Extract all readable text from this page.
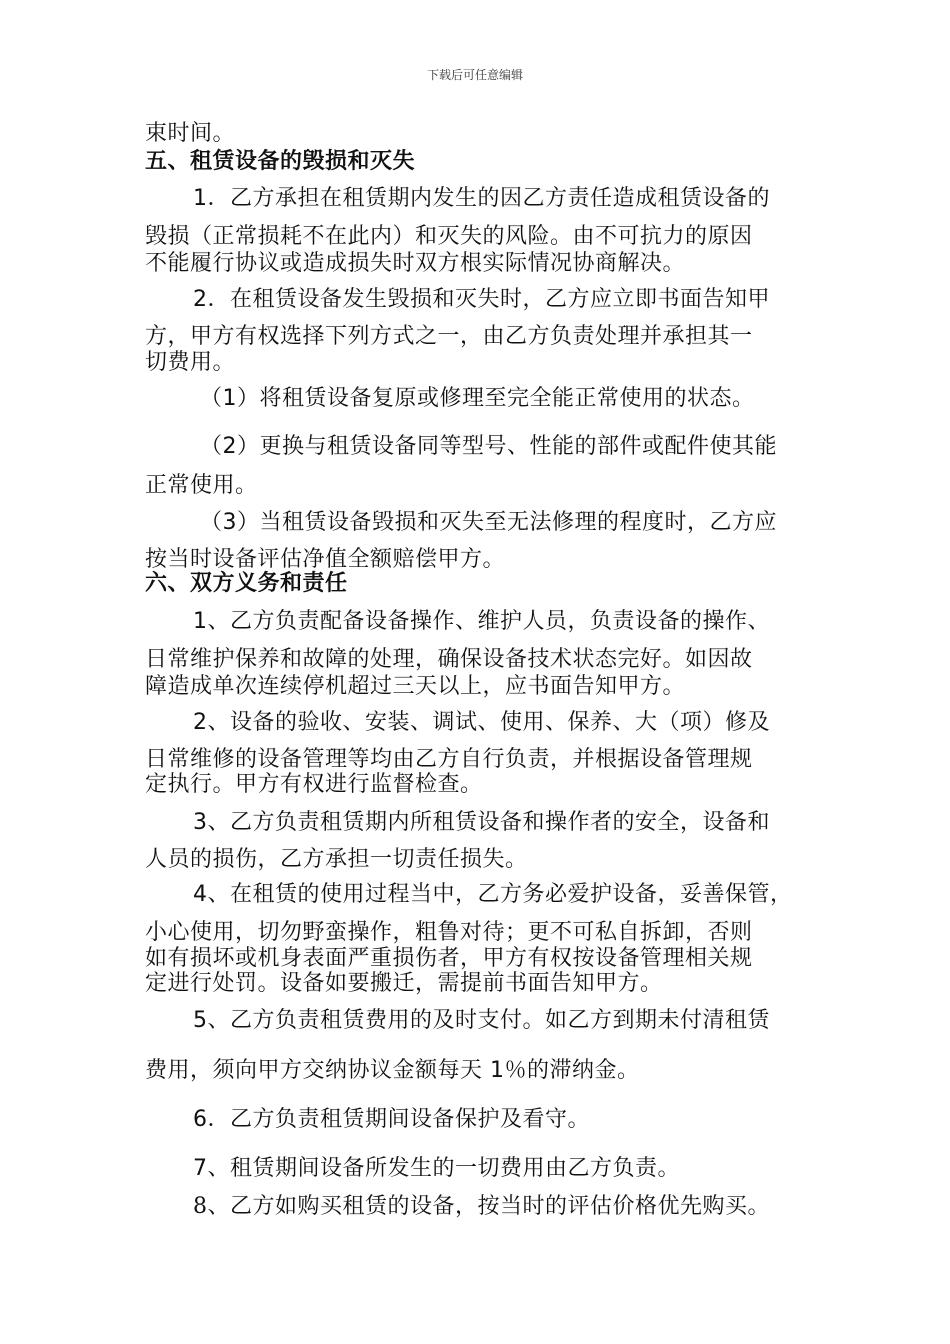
下载后可任意编辑
束时间。
五、租赁设备的毁损和灭失
1．乙方承担在租赁期内发生的因乙方责任造成租赁设备的
毁损（正常损耗不在此内）和灭失的风险。由不可抗力的原因
不能履行协议或造成损失时双方根实际情况协商解决。
2．在租赁设备发生毁损和灭失时，乙方应立即书面告知甲
方，甲方有权选择下列方式之一，由乙方负责处理并承担其一
切费用。
（1）将租赁设备复原或修理至完全能正常使用的状态。
（2）更换与租赁设备同等型号、性能的部件或配件使其能
正常使用。
（3）当租赁设备毁损和灭失至无法修理的程度时，乙方应
按当时设备评估净值全额赔偿甲方。
六、双方义务和责任
1、乙方负责配备设备操作、维护人员，负责设备的操作、
日常维护保养和故障的处理，确保设备技术状态完好。如因故
障造成单次连续停机超过三天以上，应书面告知甲方。
2、设备的验收、安装、调试、使用、保养、大（项）修及
日常维修的设备管理等均由乙方自行负责，并根据设备管理规
定执行。甲方有权进行监督检查。
3、乙方负责租赁期内所租赁设备和操作者的安全，设备和
人员的损伤，乙方承担一切责任损失。
4、在租赁的使用过程当中，乙方务必爱护设备，妥善保管，
小心使用，切勿野蛮操作，粗鲁对待；更不可私自拆卸，否则
如有损坏或机身表面严重损伤者，甲方有权按设备管理相关规
定进行处罚。设备如要搬迁，需提前书面告知甲方。
5、乙方负责租赁费用的及时支付。如乙方到期未付清租赁
费用，须向甲方交纳协议金额每天 1％的滞纳金。
6．乙方负责租赁期间设备保护及看守。
7、租赁期间设备所发生的一切费用由乙方负责。
8、乙方如购买租赁的设备，按当时的评估价格优先购买。
